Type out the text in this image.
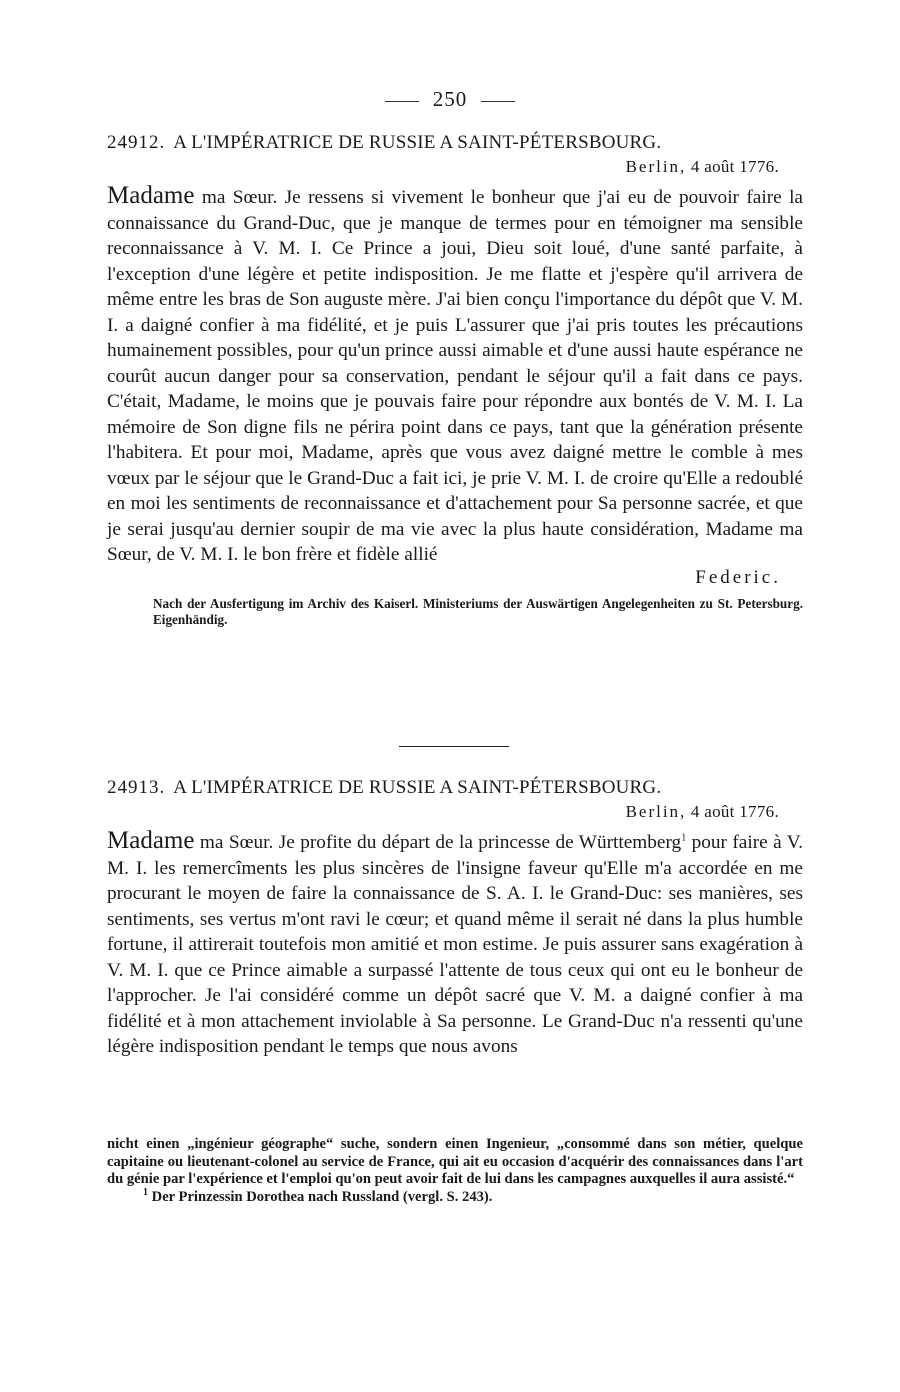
250
24912. A L'IMPÉRATRICE DE RUSSIE A SAINT-PÉTERSBOURG.
Berlin, 4 août 1776.
Madame ma Sœur. Je ressens si vivement le bonheur que j'ai eu de pouvoir faire la connaissance du Grand-Duc, que je manque de termes pour en témoigner ma sensible reconnaissance à V. M. I. Ce Prince a joui, Dieu soit loué, d'une santé parfaite, à l'exception d'une légère et petite indisposition. Je me flatte et j'espère qu'il arrivera de même entre les bras de Son auguste mère. J'ai bien conçu l'importance du dépôt que V. M. I. a daigné confier à ma fidélité, et je puis L'assurer que j'ai pris toutes les précautions humainement possibles, pour qu'un prince aussi aimable et d'une aussi haute espérance ne courût aucun danger pour sa conservation, pendant le séjour qu'il a fait dans ce pays. C'était, Madame, le moins que je pouvais faire pour répondre aux bontés de V. M. I. La mémoire de Son digne fils ne périra point dans ce pays, tant que la génération présente l'habitera. Et pour moi, Madame, après que vous avez daigné mettre le comble à mes vœux par le séjour que le Grand-Duc a fait ici, je prie V. M. I. de croire qu'Elle a redoublé en moi les sentiments de reconnaissance et d'attachement pour Sa personne sacrée, et que je serai jusqu'au dernier soupir de ma vie avec la plus haute considération, Madame ma Sœur, de V. M. I. le bon frère et fidèle allié
Federic.
Nach der Ausfertigung im Archiv des Kaiserl. Ministeriums der Auswärtigen Angelegenheiten zu St. Petersburg. Eigenhändig.
24913. A L'IMPÉRATRICE DE RUSSIE A SAINT-PÉTERSBOURG.
Berlin, 4 août 1776.
Madame ma Sœur. Je profite du départ de la princesse de Württemberg$^1$ pour faire à V. M. I. les remercîments les plus sincères de l'insigne faveur qu'Elle m'a accordée en me procurant le moyen de faire la connaissance de S. A. I. le Grand-Duc: ses manières, ses sentiments, ses vertus m'ont ravi le cœur; et quand même il serait né dans la plus humble fortune, il attirerait toutefois mon amitié et mon estime. Je puis assurer sans exagération à V. M. I. que ce Prince aimable a surpassé l'attente de tous ceux qui ont eu le bonheur de l'approcher. Je l'ai considéré comme un dépôt sacré que V. M. a daigné confier à ma fidélité et à mon attachement inviolable à Sa personne. Le Grand-Duc n'a ressenti qu'une légère indisposition pendant le temps que nous avons
nicht einen „ingénieur géographe“ suche, sondern einen Ingenieur, „consommé dans son métier, quelque capitaine ou lieutenant-colonel au service de France, qui ait eu occasion d'acquérir des connaissances dans l'art du génie par l'expérience et l'emploi qu'on peut avoir fait de lui dans les campagnes auxquelles il aura assisté.“
$^1$ Der Prinzessin Dorothea nach Russland (vergl. S. 243).
